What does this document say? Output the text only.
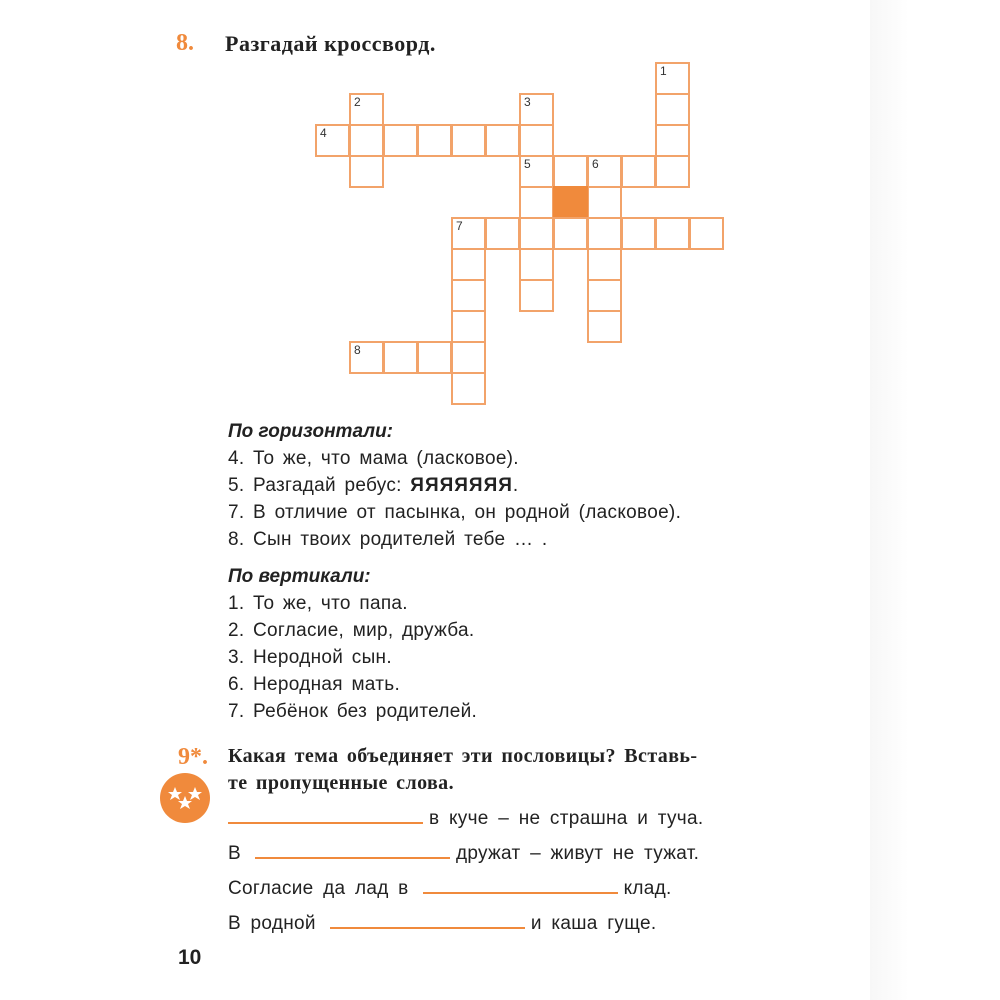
8. Разгадай кроссворд.
1
2	3
5
4
6
7
8
По горизонтали:
4. То же, что мама (ласковое).
5. Разгадай ребус: ЯЯЯЯЯЯЯ.
7. В отличие от пасынка, он родной (ласковое).
8. Сын твоих родителей тебе … .
По вертикали:
1. То же, что папа.
2. Согласие, мир, дружба.
3. Неродной сын.
6. Неродная мать.
7. Ребёнок без родителей.
9*. Какая тема объединяет эти пословицы? Вставь-
те пропущенные слова.
в куче – не страшна и туча.
В	дружат – живут не тужат.
Согласие да лад в	клад.
В родной	и каша гуще.
10
